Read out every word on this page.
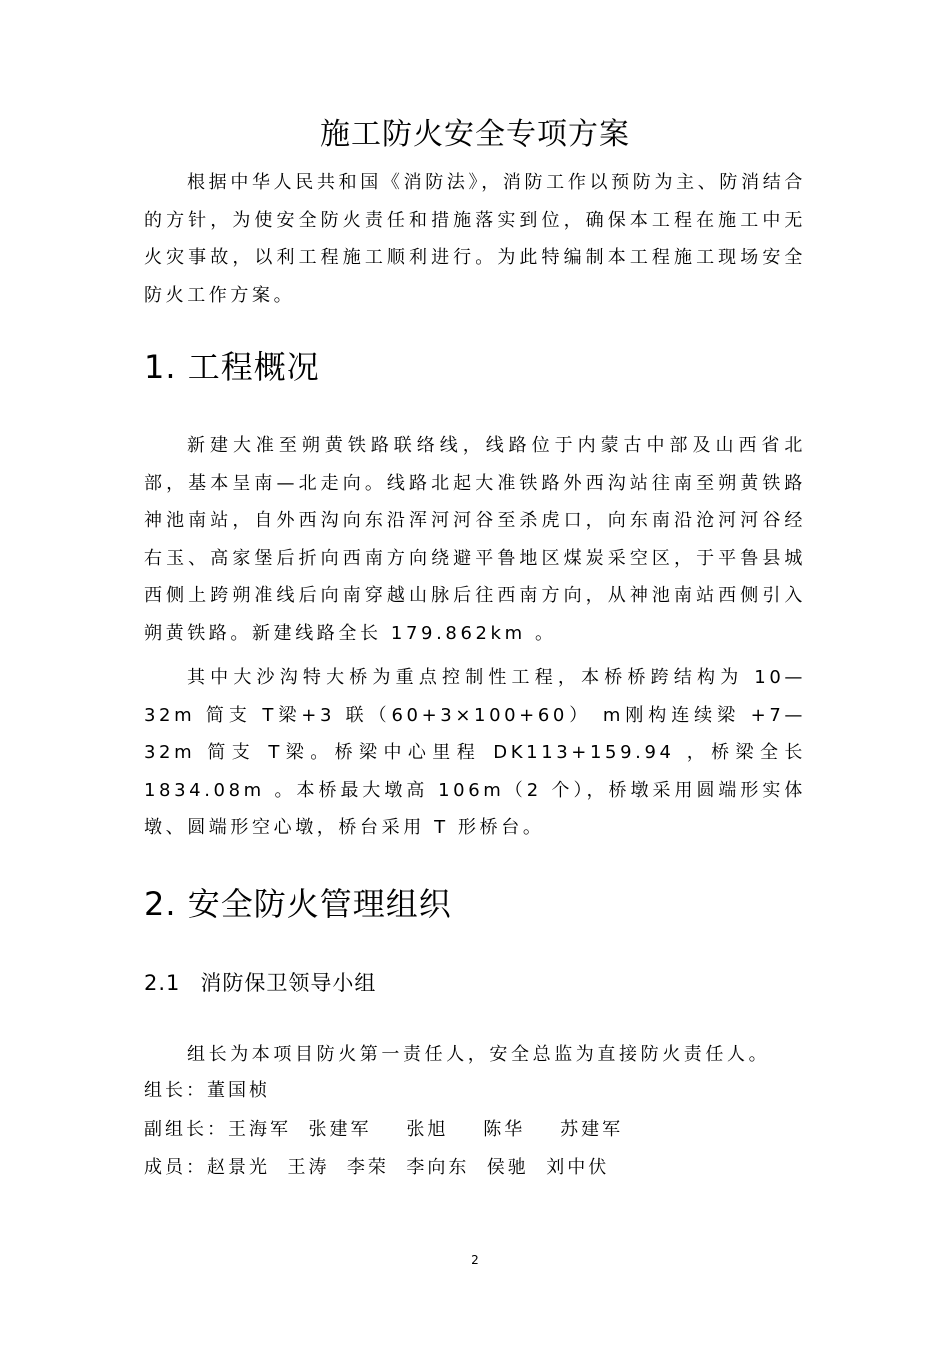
施工防火安全专项方案

根据中华人民共和国《消防法》，消防工作以预防为主、防消结合的方针，为使安全防火责任和措施落实到位，确保本工程在施工中无火灾事故，以利工程施工顺利进行。为此特编制本工程施工现场安全防火工作方案。

1. 工程概况

新建大准至朔黄铁路联络线，线路位于内蒙古中部及山西省北部，基本呈南—北走向。线路北起大准铁路外西沟站往南至朔黄铁路神池南站，自外西沟向东沿浑河河谷至杀虎口，向东南沿沧河河谷经右玉、高家堡后折向西南方向绕避平鲁地区煤炭采空区，于平鲁县城西侧上跨朔准线后向南穿越山脉后往西南方向，从神池南站西侧引入朔黄铁路。新建线路全长 179.862km 。

其中大沙沟特大桥为重点控制性工程，本桥桥跨结构为 10—32m 简支 T梁+3 联（60+3×100+60） m刚构连续梁 +7— 32m 简支 T梁。桥梁中心里程 DK113+159.94 ，桥梁全长 1834.08m 。本桥最大墩高 106m（2 个），桥墩采用圆端形实体墩、圆端形空心墩，桥台采用 T 形桥台。

2. 安全防火管理组织
2.1 消防保卫领导小组

组长为本项目防火第一责任人，安全总监为直接防火责任人。

组长：董国桢

副组长：王海军  张建军    张旭    陈华    苏建军

成员：赵景光  王涛  李荣  李向东  侯驰  刘中伏

2
